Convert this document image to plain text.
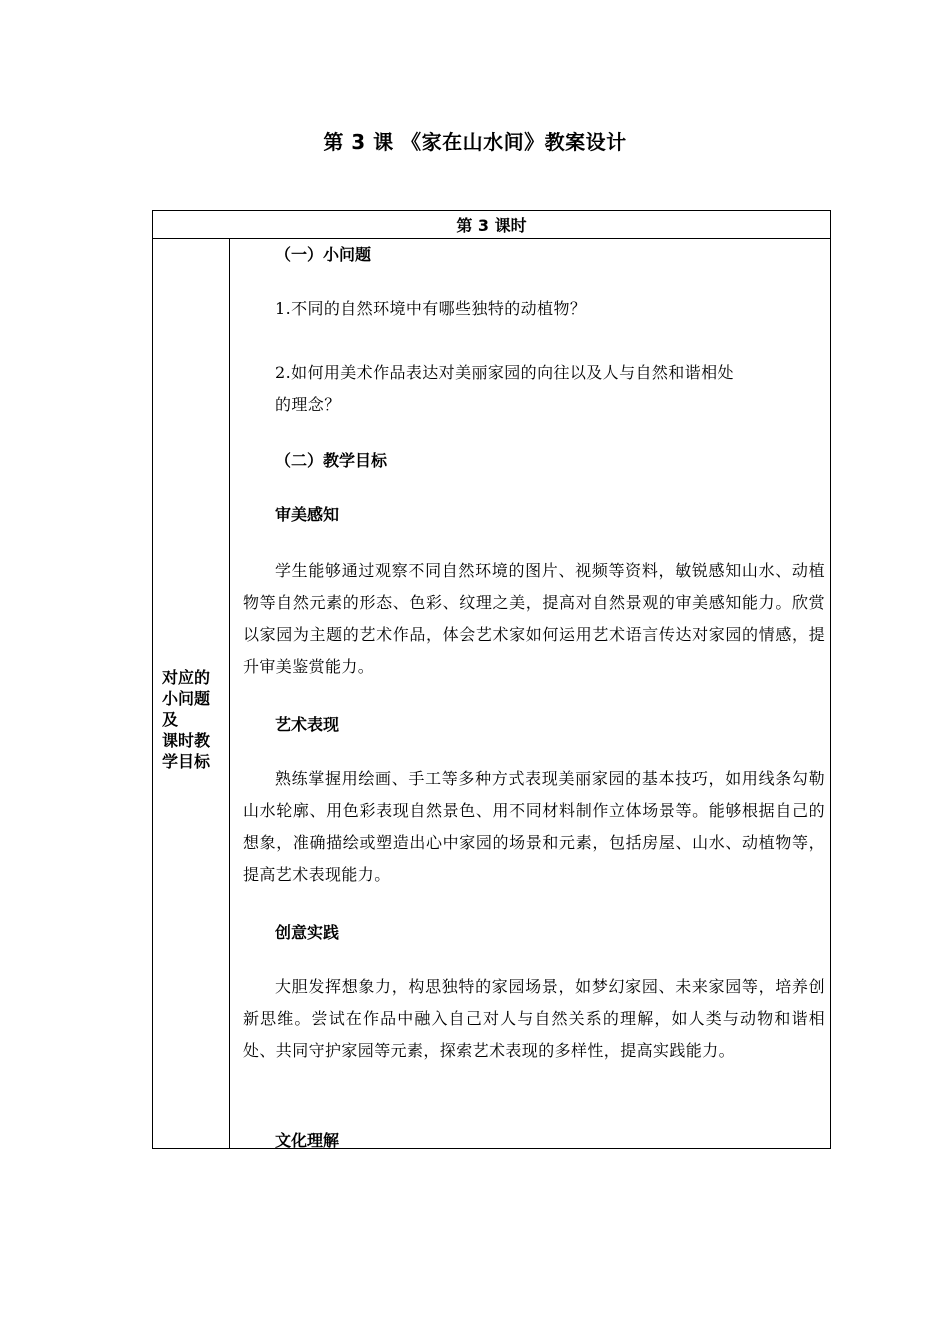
第 3 课 《家在山水间》教案设计
第 3 课时
对应的
小问题
及
课时教
学目标

（一）小问题

1.不同的自然环境中有哪些独特的动植物？

2.如何用美术作品表达对美丽家园的向往以及人与自然和谐相处

的理念？

（二）教学目标

审美感知

学生能够通过观察不同自然环境的图片、视频等资料，敏锐感知山水、动植物等自然元素的形态、色彩、纹理之美，提高对自然景观的审美感知能力。欣赏以家园为主题的艺术作品，体会艺术家如何运用艺术语言传达对家园的情感，提升审美鉴赏能力。

艺术表现

熟练掌握用绘画、手工等多种方式表现美丽家园的基本技巧，如用线条勾勒山水轮廓、用色彩表现自然景色、用不同材料制作立体场景等。能够根据自己的想象，准确描绘或塑造出心中家园的场景和元素，包括房屋、山水、动植物等，提高艺术表现能力。

创意实践

大胆发挥想象力，构思独特的家园场景，如梦幻家园、未来家园等，培养创新思维。尝试在作品中融入自己对人与自然关系的理解，如人类与动物和谐相处、共同守护家园等元素，探索艺术表现的多样性，提高实践能力。

文化理解
